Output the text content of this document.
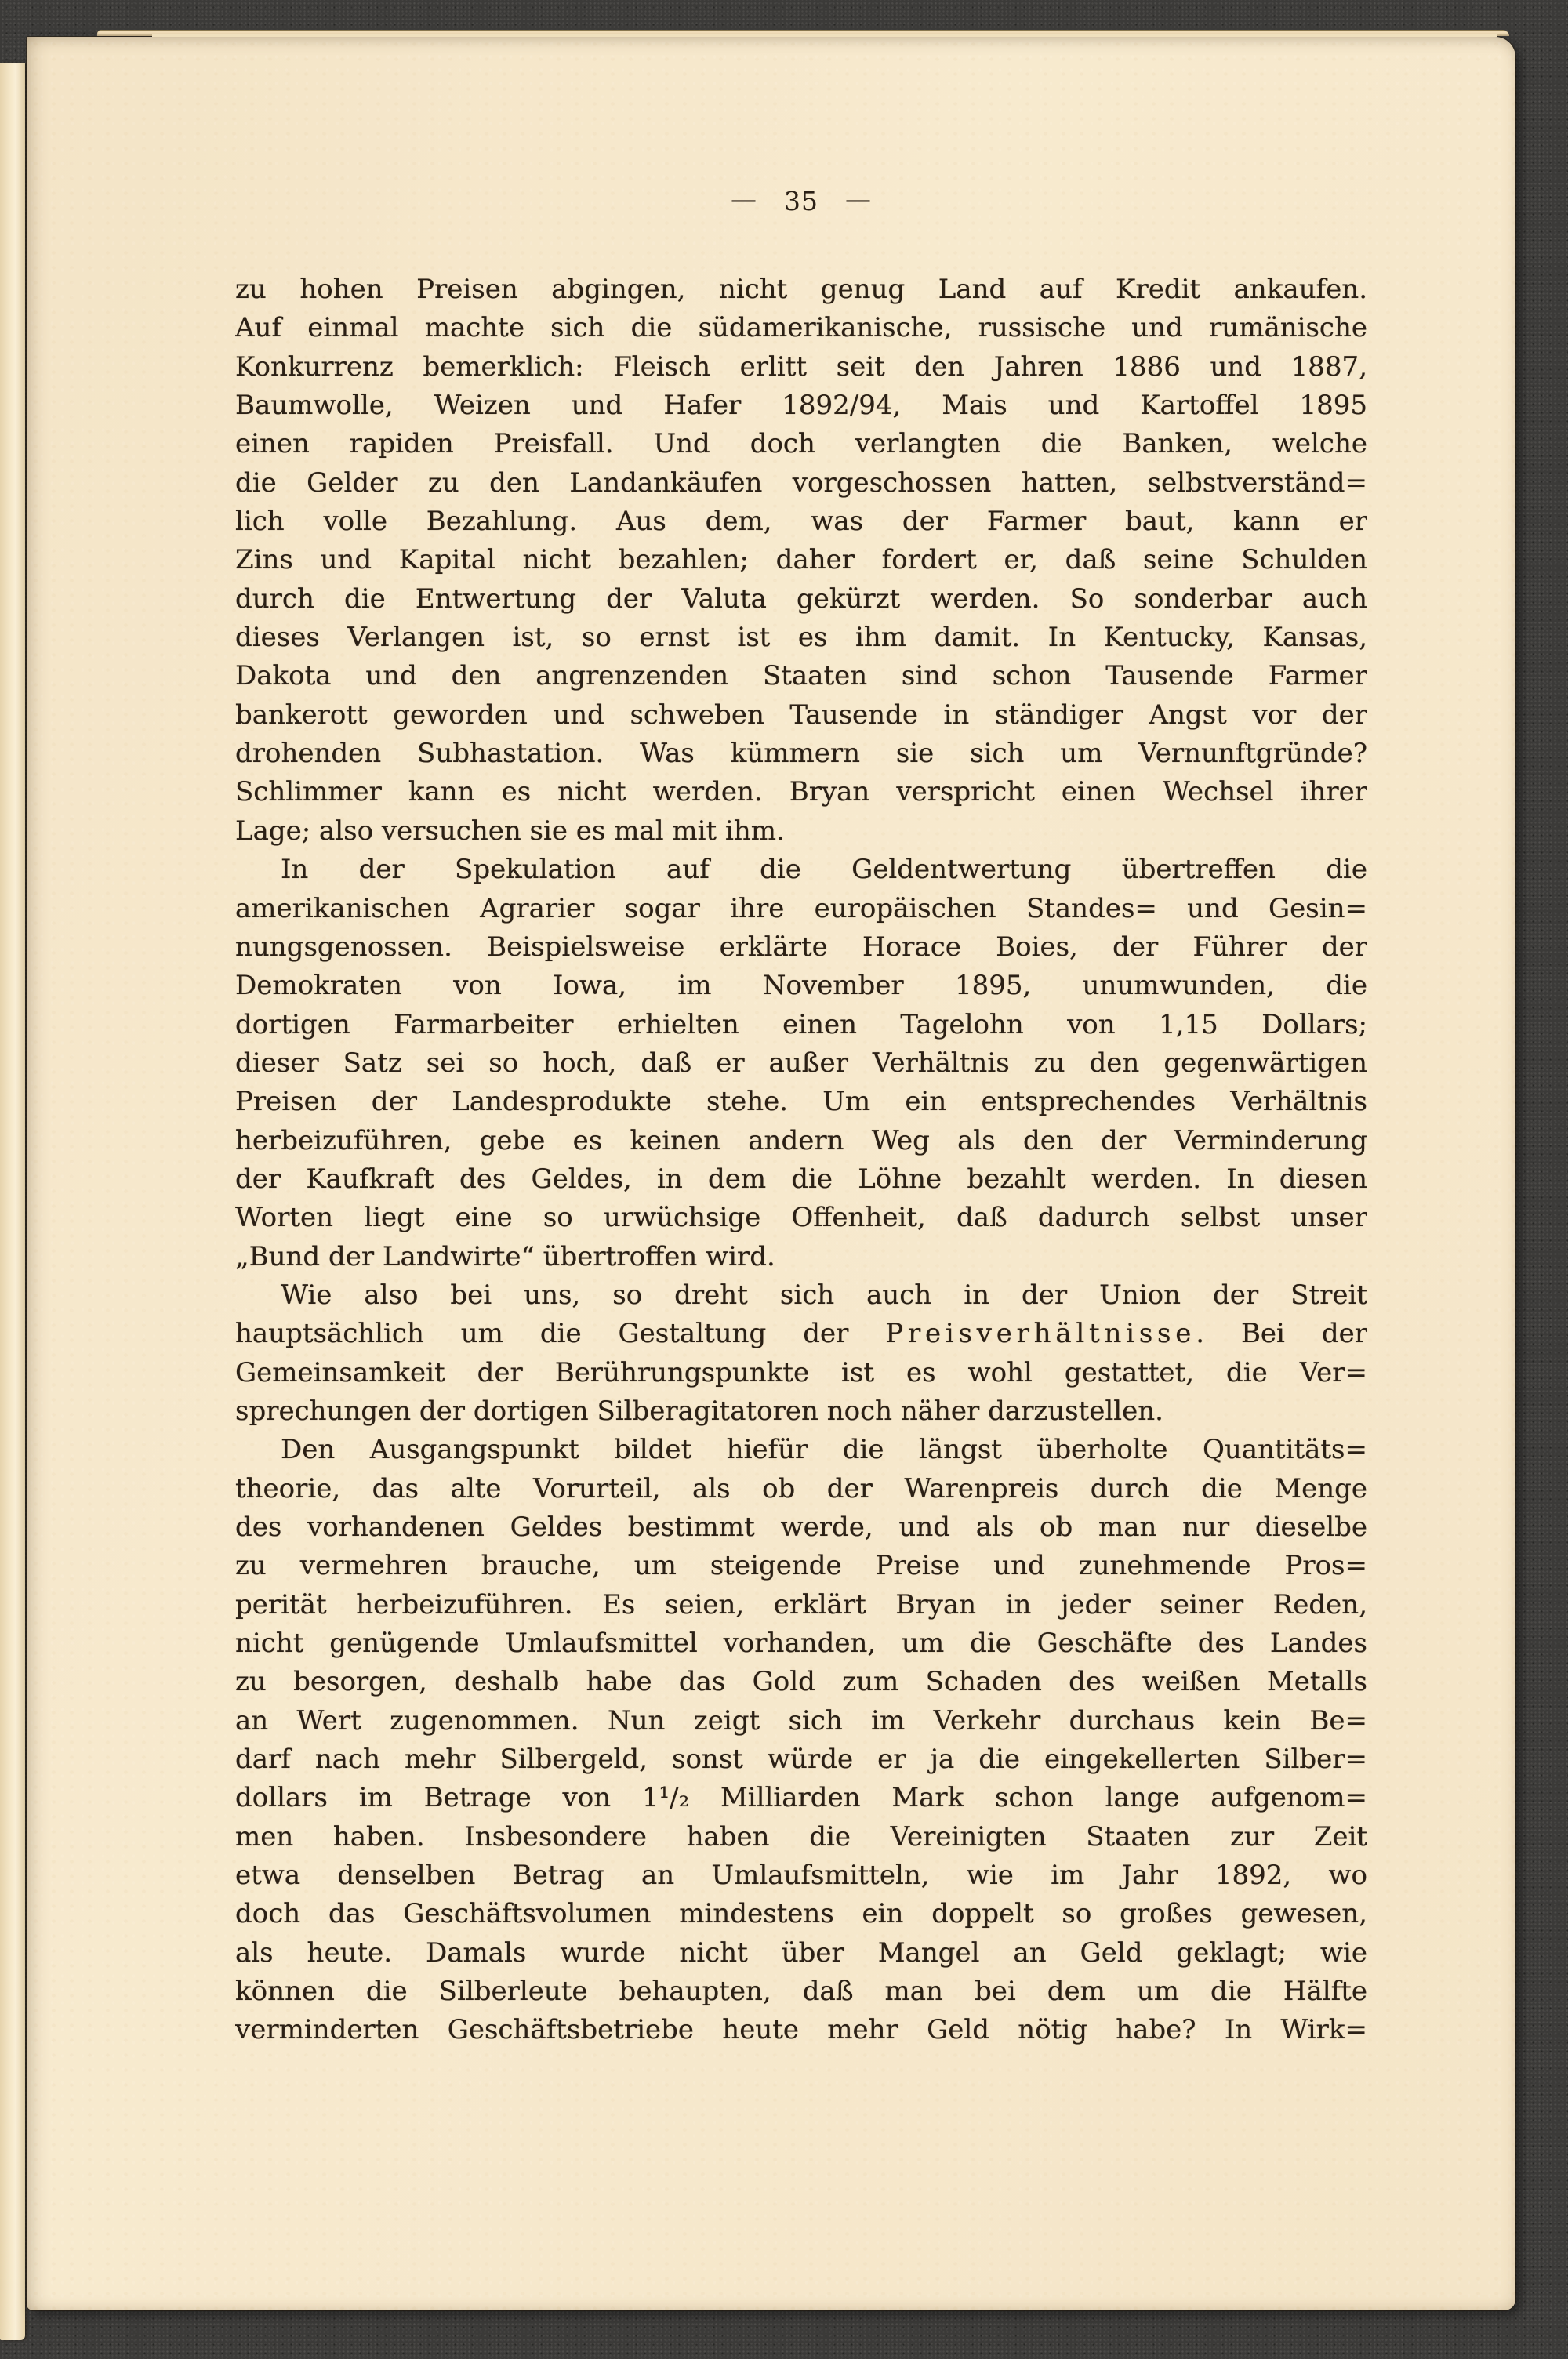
— 35 —
zu hohen Preisen abgingen, nicht genug Land auf Kredit ankaufen.
Auf einmal machte sich die südamerikanische, russische und rumänische
Konkurrenz bemerklich: Fleisch erlitt seit den Jahren 1886 und 1887,
Baumwolle, Weizen und Hafer 1892/94, Mais und Kartoffel 1895
einen rapiden Preisfall. Und doch verlangten die Banken, welche
die Gelder zu den Landankäufen vorgeschossen hatten, selbstverständ=
lich volle Bezahlung. Aus dem, was der Farmer baut, kann er
Zins und Kapital nicht bezahlen; daher fordert er, daß seine Schulden
durch die Entwertung der Valuta gekürzt werden. So sonderbar auch
dieses Verlangen ist, so ernst ist es ihm damit. In Kentucky, Kansas,
Dakota und den angrenzenden Staaten sind schon Tausende Farmer
bankerott geworden und schweben Tausende in ständiger Angst vor der
drohenden Subhastation. Was kümmern sie sich um Vernunftgründe?
Schlimmer kann es nicht werden. Bryan verspricht einen Wechsel ihrer
Lage; also versuchen sie es mal mit ihm.
In der Spekulation auf die Geldentwertung übertreffen die
amerikanischen Agrarier sogar ihre europäischen Standes= und Gesin=
nungsgenossen. Beispielsweise erklärte Horace Boies, der Führer der
Demokraten von Iowa, im November 1895, unumwunden, die
dortigen Farmarbeiter erhielten einen Tagelohn von 1,15 Dollars;
dieser Satz sei so hoch, daß er außer Verhältnis zu den gegenwärtigen
Preisen der Landesprodukte stehe. Um ein entsprechendes Verhältnis
herbeizuführen, gebe es keinen andern Weg als den der Verminderung
der Kaufkraft des Geldes, in dem die Löhne bezahlt werden. In diesen
Worten liegt eine so urwüchsige Offenheit, daß dadurch selbst unser
„Bund der Landwirte“ übertroffen wird.
Wie also bei uns, so dreht sich auch in der Union der Streit
hauptsächlich um die Gestaltung der Preisverhältnisse. Bei der
Gemeinsamkeit der Berührungspunkte ist es wohl gestattet, die Ver=
sprechungen der dortigen Silberagitatoren noch näher darzustellen.
Den Ausgangspunkt bildet hiefür die längst überholte Quantitäts=
theorie, das alte Vorurteil, als ob der Warenpreis durch die Menge
des vorhandenen Geldes bestimmt werde, und als ob man nur dieselbe
zu vermehren brauche, um steigende Preise und zunehmende Pros=
perität herbeizuführen. Es seien, erklärt Bryan in jeder seiner Reden,
nicht genügende Umlaufsmittel vorhanden, um die Geschäfte des Landes
zu besorgen, deshalb habe das Gold zum Schaden des weißen Metalls
an Wert zugenommen. Nun zeigt sich im Verkehr durchaus kein Be=
darf nach mehr Silbergeld, sonst würde er ja die eingekellerten Silber=
dollars im Betrage von 1¹/₂ Milliarden Mark schon lange aufgenom=
men haben. Insbesondere haben die Vereinigten Staaten zur Zeit
etwa denselben Betrag an Umlaufsmitteln, wie im Jahr 1892, wo
doch das Geschäftsvolumen mindestens ein doppelt so großes gewesen,
als heute. Damals wurde nicht über Mangel an Geld geklagt; wie
können die Silberleute behaupten, daß man bei dem um die Hälfte
verminderten Geschäftsbetriebe heute mehr Geld nötig habe? In Wirk=
